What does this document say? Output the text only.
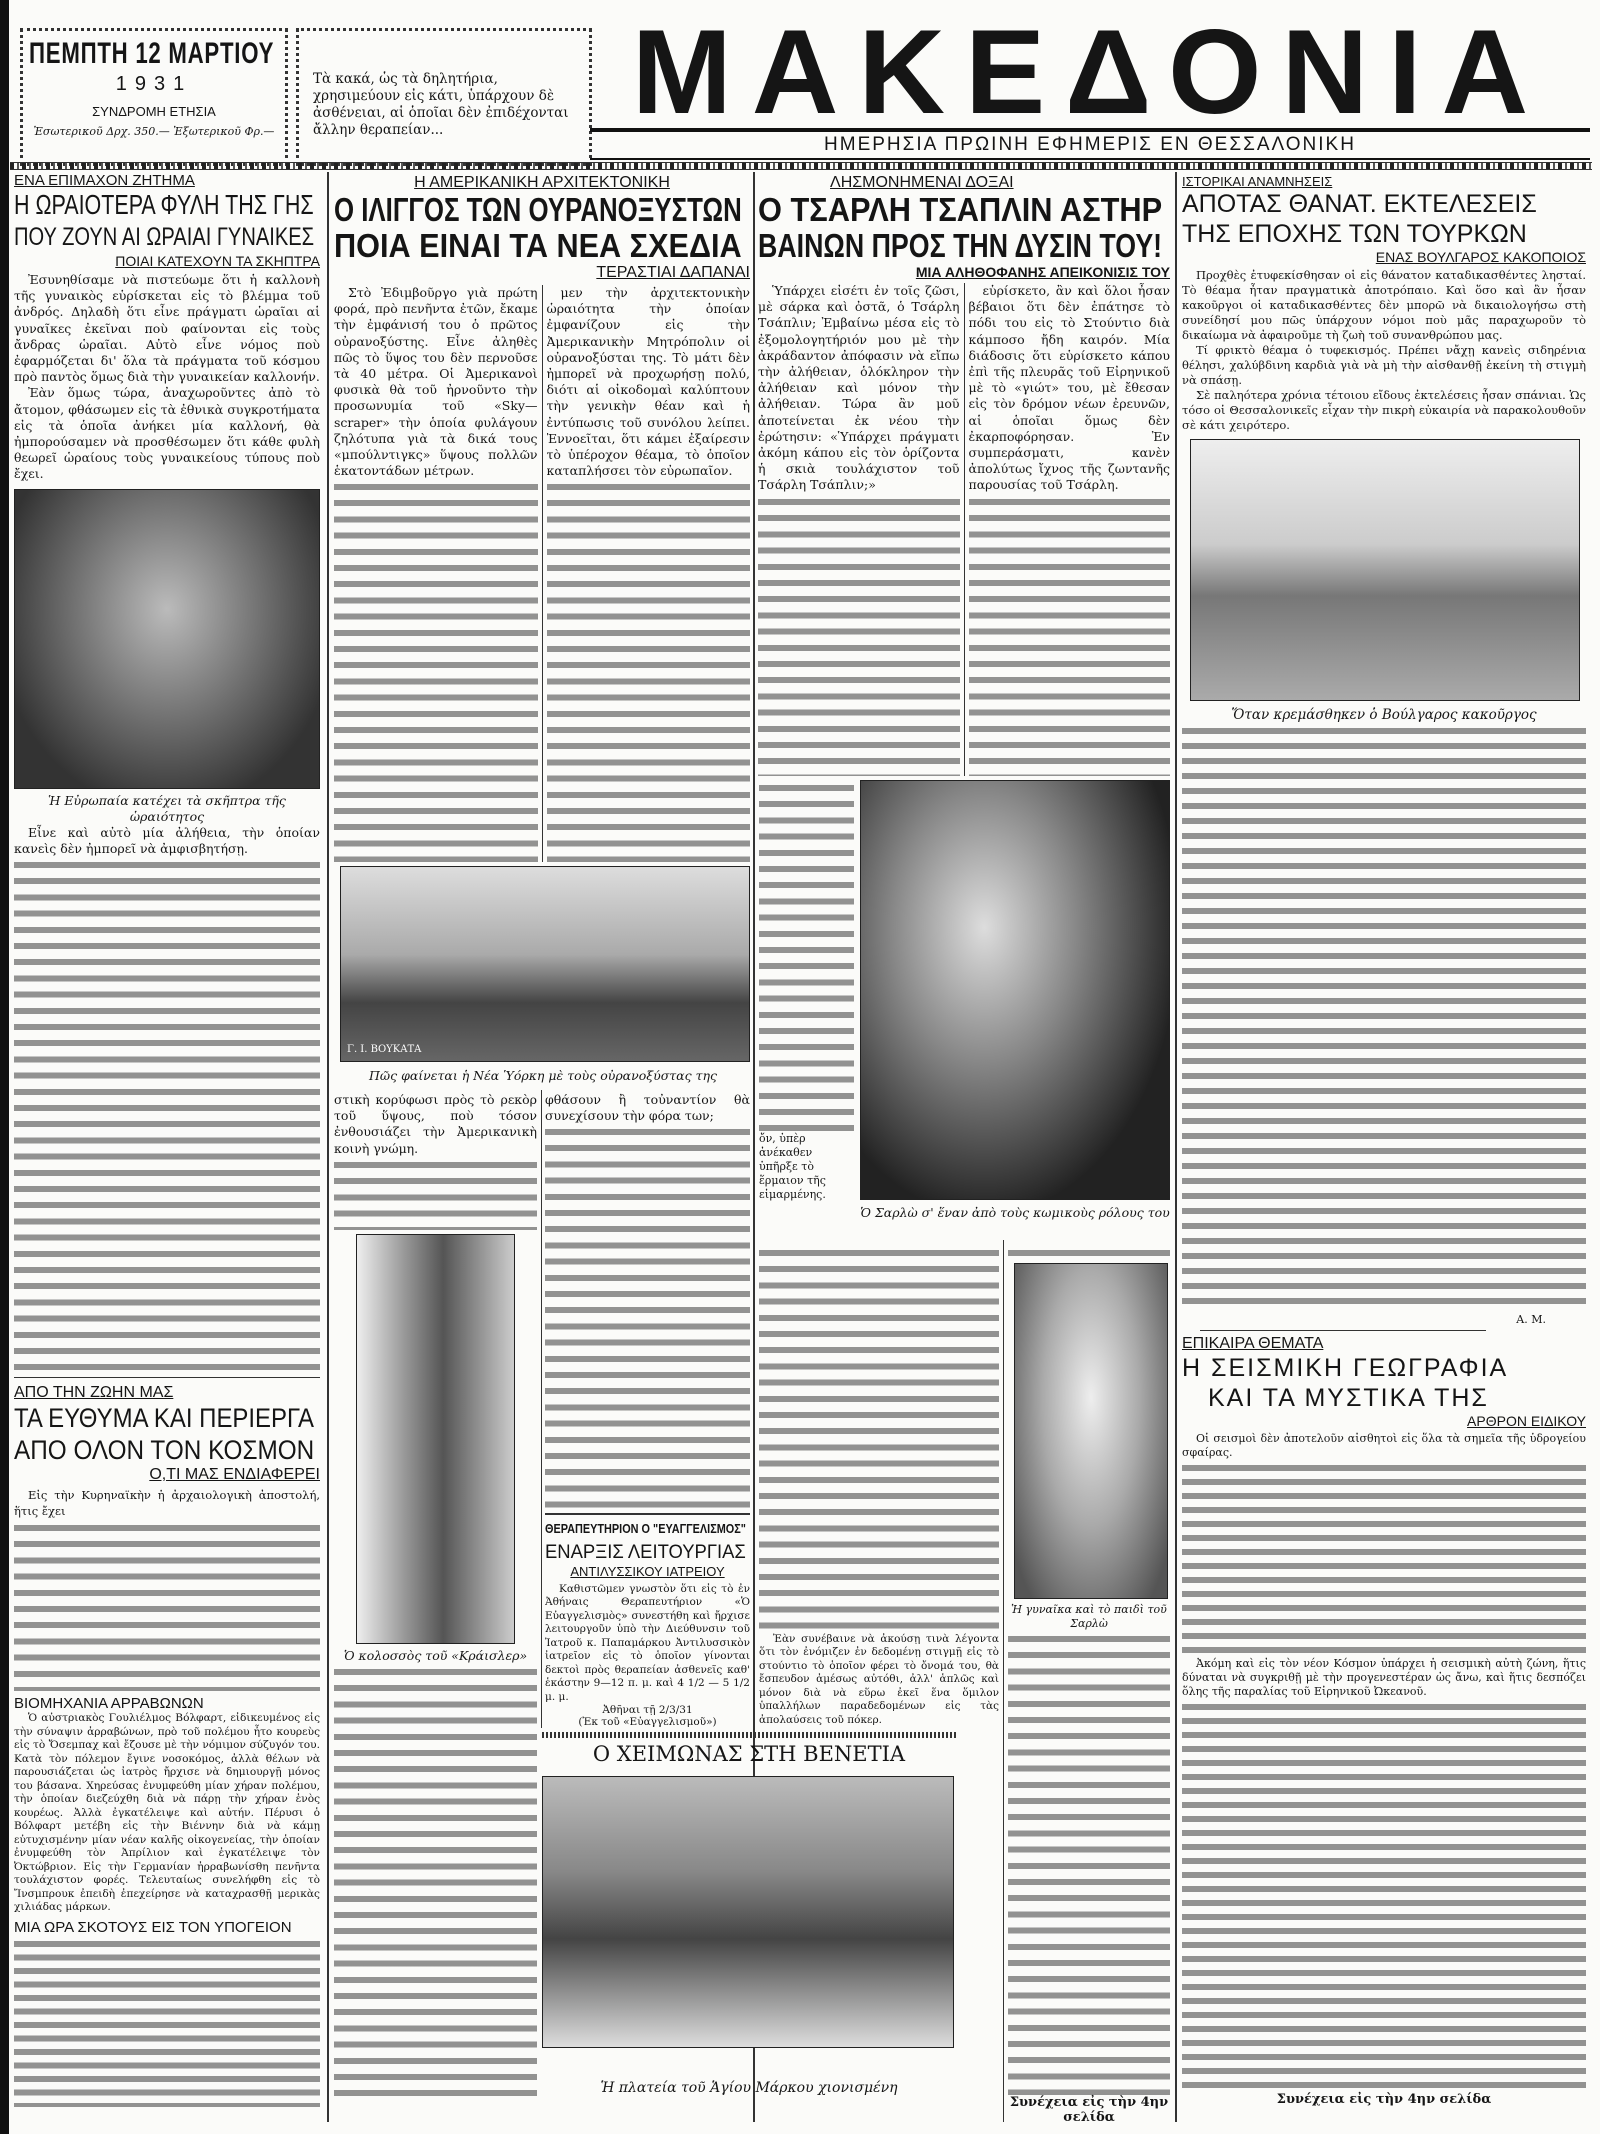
ΠΕΜΠΤΗ 12 ΜΑΡΤΙΟΥ
1931
ΣΥΝΔΡΟΜΗ ΕΤΗΣΙΑ
Ἐσωτερικοῦ Δρχ. 350.— Ἐξωτερικοῦ Φρ.—
Τὰ κακά, ὡς τὰ δηλητήρια, χρησιμεύουν εἰς κάτι, ὑπάρχουν δὲ ἀσθένειαι, αἱ ὁποῖαι δὲν ἐπιδέχονται ἄλλην θεραπείαν...	ΜΑΚΕΔΟΝΙΑ
ΗΜΕΡΗΣΙΑ ΠΡΩΙΝΗ ΕΦΗΜΕΡΙΣ ΕΝ ΘΕΣΣΑΛΟΝΙΚΗ
ΕΝΑ ΕΠΙΜΑΧΟΝ ΖΗΤΗΜΑ
Η ΩΡΑΙΟΤΕΡΑ ΦΥΛΗ ΤΗΣ ΓΗΣ
ΠΟΥ ΖΟΥΝ ΑΙ ΩΡΑΙΑΙ ΓΥΝΑΙΚΕΣ
ΠΟΙΑΙ ΚΑΤΕΧΟΥΝ ΤΑ ΣΚΗΠΤΡΑ

Ἐσυνηθίσαμε νὰ πιστεύωμε ὅτι ἡ καλλονὴ τῆς γυναικὸς εὑρίσκεται εἰς τὸ βλέμμα τοῦ ἀνδρός. Δηλαδὴ ὅτι εἶνε πράγματι ὡραῖαι αἱ γυναῖκες ἐκεῖναι ποὺ φαίνονται εἰς τοὺς ἄνδρας ὡραῖαι. Αὐτὸ εἶνε νόμος ποὺ ἐφαρμόζεται δι' ὅλα τὰ πράγματα τοῦ κόσμου πρὸ παντὸς ὅμως διὰ τὴν γυναικείαν καλλονήν.

Ἐὰν ὅμως τώρα, ἀναχωροῦντες ἀπὸ τὸ ἄτομον, φθάσωμεν εἰς τὰ ἐθνικὰ συγκροτήματα εἰς τὰ ὁποῖα ἀνήκει μία καλλονή, θὰ ἠμπορούσαμεν νὰ προσθέσωμεν ὅτι κάθε φυλὴ θεωρεῖ ὡραίους τοὺς γυναικείους τύπους ποὺ ἔχει.

Ἡ Εὐρωπαία κατέχει τὰ σκῆπτρα τῆς ὡραιότητος
Εἶνε καὶ αὐτὸ μία ἀλήθεια, τὴν ὁποίαν κανεὶς δὲν ἠμπορεῖ νὰ ἀμφισβητήσῃ.
ΑΠΟ ΤΗΝ ΖΩΗΝ ΜΑΣ
ΤΑ ΕΥΘΥΜΑ ΚΑΙ ΠΕΡΙΕΡΓΑ
ΑΠΟ ΟΛΟΝ ΤΟΝ ΚΟΣΜΟΝ
Ο,ΤΙ ΜΑΣ ΕΝΔΙΑΦΕΡΕΙ
Εἰς τὴν Κυρηναϊκὴν ἡ ἀρχαιολογικὴ ἀποστολή, ἥτις ἔχει
ΒΙΟΜΗΧΑΝΙΑ ΑΡΡΑΒΩΝΩΝ
Ὁ αὐστριακὸς Γουλιέλμος Βόλφαρτ, εἰδικευμένος εἰς τὴν σύναψιν ἀρραβώνων, πρὸ τοῦ πολέμου ἦτο κουρεὺς εἰς τὸ Ὄσεμπαχ καὶ ἔζουσε μὲ τὴν νόμιμον σύζυγόν του. Κατὰ τὸν πόλεμον ἔγινε νοσοκόμος, ἀλλὰ θέλων νὰ παρουσιάζεται ὡς ἰατρὸς ἤρχισε νὰ δημιουργῇ μόνος του βάσανα. Χηρεύσας ἐνυμφεύθη μίαν χήραν πολέμου, τὴν ὁποίαν διεζεύχθη διὰ νὰ πάρῃ τὴν χήραν ἑνὸς κουρέως. Ἀλλὰ ἐγκατέλειψε καὶ αὐτήν. Πέρυσι ὁ Βόλφαρτ μετέβη εἰς τὴν Βιέννην διὰ νὰ κάμῃ εὐτυχισμένην μίαν νέαν καλῆς οἰκογενείας, τὴν ὁποίαν ἐνυμφεύθη τὸν Ἀπρίλιον καὶ ἐγκατέλειψε τὸν Ὀκτώβριον. Εἰς τὴν Γερμανίαν ἠρραβωνίσθη πενῆντα τουλάχιστον φορές. Τελευταίως συνελήφθη εἰς τὸ Ἴνσμπρουκ ἐπειδὴ ἐπεχείρησε νὰ καταχρασθῇ μερικὰς χιλιάδας μάρκων.
ΜΙΑ ΩΡΑ ΣΚΟΤΟΥΣ ΕΙΣ ΤΟΝ ΥΠΟΓΕΙΟΝ
Η ΑΜΕΡΙΚΑΝΙΚΗ ΑΡΧΙΤΕΚΤΟΝΙΚΗ
Ο ΙΛΙΓΓΟΣ ΤΩΝ ΟΥΡΑΝΟΞΥΣΤΩΝ
ΠΟΙΑ ΕΙΝΑΙ ΤΑ ΝΕΑ ΣΧΕΔΙΑ
ΤΕΡΑΣΤΙΑΙ ΔΑΠΑΝΑΙ
Στὸ Ἐδιμβοῦργο γιὰ πρώτη φορά, πρὸ πενῆντα ἐτῶν, ἔκαμε τὴν ἐμφάνισή του ὁ πρῶτος οὐρανοξύστης. Εἶνε ἀληθὲς πῶς τὸ ὕψος του δὲν περνοῦσε τὰ 40 μέτρα. Οἱ Ἀμερικανοὶ φυσικὰ θὰ τοῦ ἠρνοῦντο τὴν προσωνυμία τοῦ «Sky—scraper» τὴν ὁποία φυλάγουν ζηλότυπα γιὰ τὰ δικά τους «μπούλντιγκς» ὕψους πολλῶν ἑκατοντάδων μέτρων.
μεν τὴν ἀρχιτεκτονικὴν ὡραιότητα τὴν ὁποίαν ἐμφανίζουν εἰς τὴν Ἀμερικανικὴν Μητρόπολιν οἱ οὐρανοξύσται της. Τὸ μάτι δὲν ἠμπορεῖ νὰ προχωρήσῃ πολύ, διότι αἱ οἰκοδομαὶ καλύπτουν τὴν γενικὴν θέαν καὶ ἡ ἐντύπωσις τοῦ συνόλου λείπει. Ἐννοεῖται, ὅτι κάμει ἐξαίρεσιν τὸ ὑπέροχον θέαμα, τὸ ὁποῖον καταπλήσσει τὸν εὐρωπαῖον.
Γ. Ι. ΒΟΥΚΑΤΑ
Πῶς φαίνεται ἡ Νέα Ὑόρκη μὲ τοὺς οὐρανοξύστας της
στικὴ κορύφωσι πρὸς τὸ ρεκὸρ τοῦ ὕψους, ποὺ τόσον ἐνθουσιάζει τὴν Ἀμερικανικὴ κοινὴ γνώμη.
Ὁ κολοσσὸς τοῦ «Κράισλερ»
φθάσουν ἢ τοὐναντίον θὰ συνεχίσουν τὴν φόρα των;
ΘΕΡΑΠΕΥΤΗΡΙΟΝ Ο "ΕΥΑΓΓΕΛΙΣΜΟΣ"
ΕΝΑΡΞΙΣ ΛΕΙΤΟΥΡΓΙΑΣ
ΑΝΤΙΛΥΣΣΙΚΟΥ ΙΑΤΡΕΙΟΥ
Καθιστῶμεν γνωστὸν ὅτι εἰς τὸ ἐν Ἀθήναις Θεραπευτήριον «Ὁ Εὐαγγελισμὸς» συνεστήθη καὶ ἤρχισε λειτουργοῦν ὑπὸ τὴν Διεύθυνσιν τοῦ Ἰατροῦ κ. Παπαμάρκου Ἀντιλυσσικὸν ἰατρεῖον εἰς τὸ ὁποῖον γίνονται δεκτοὶ πρὸς θεραπείαν ἀσθενεῖς καθ' ἑκάστην 9—12 π. μ. καὶ 4 1/2 — 5 1/2 μ. μ.
Ἀθῆναι τῇ 2/3/31
(Ἐκ τοῦ «Εὐαγγελισμοῦ»)
Ο ΧΕΙΜΩΝΑΣ ΣΤΗ ΒΕΝΕΤΙΑ
Ἡ πλατεία τοῦ Ἁγίου Μάρκου χιονισμένη
ΛΗΣΜΟΝΗΜΕΝΑΙ ΔΟΞΑΙ
Ο ΤΣΑΡΛΗ ΤΣΑΠΛΙΝ ΑΣΤΗΡ
ΒΑΙΝΩΝ ΠΡΟΣ ΤΗΝ ΔΥΣΙΝ ΤΟΥ!
ΜΙΑ ΑΛΗΘΟΦΑΝΗΣ ΑΠΕΙΚΟΝΙΣΙΣ ΤΟΥ
Ὑπάρχει εἰσέτι ἐν τοῖς ζῶσι, μὲ σάρκα καὶ ὀστᾶ, ὁ Τσάρλη Τσάπλιν; Ἐμβαίνω μέσα εἰς τὸ ἐξομολογητήριόν μου μὲ τὴν ἀκράδαντον ἀπόφασιν νὰ εἴπω τὴν ἀλήθειαν, ὁλόκληρον τὴν ἀλήθειαν καὶ μόνον τὴν ἀλήθειαν. Τώρα ἂν μοῦ ἀποτείνεται ἐκ νέου τὴν ἐρώτησιν: «Ὑπάρχει πράγματι ἀκόμη κάπου εἰς τὸν ὁρίζοντα ἡ σκιὰ τουλάχιστον τοῦ Τσάρλη Τσάπλιν;»
εὑρίσκετο, ἂν καὶ ὅλοι ἦσαν βέβαιοι ὅτι δὲν ἐπάτησε τὸ πόδι του εἰς τὸ Στούντιο διὰ κάμποσο ἤδη καιρόν. Μία διάδοσις ὅτι εὑρίσκετο κάπου ἐπὶ τῆς πλευρᾶς τοῦ Εἰρηνικοῦ μὲ τὸ «γιώτ» του, μὲ ἔθεσαν εἰς τὸν δρόμον νέων ἐρευνῶν, αἱ ὁποῖαι ὅμως δὲν ἐκαρποφόρησαν. Ἐν συμπεράσματι, κανὲν ἀπολύτως ἴχνος τῆς ζωντανῆς παρουσίας τοῦ Τσάρλη.
ὄν, ὑπὲρ ἀνέκαθεν ὑπῆρξε τὸ ἕρμαιον τῆς εἱμαρμένης.
Ὁ Σαρλὼ σ' ἕναν ἀπὸ τοὺς κωμικοὺς ρόλους του
Ἐὰν συνέβαινε νὰ ἀκούσῃ τινὰ λέγοντα ὅτι τὸν ἐνόμιζεν ἐν δεδομένῃ στιγμῇ εἰς τὸ στούντιο τὸ ὁποῖον φέρει τὸ ὄνομά του, θὰ ἔσπευδον ἀμέσως αὐτόθι, ἀλλ' ἁπλῶς καὶ μόνον διὰ νὰ εὕρω ἐκεῖ ἕνα ὅμιλον ὑπαλλήλων παραδεδομένων εἰς τὰς ἀπολαύσεις τοῦ πόκερ.
Ἡ γυναῖκα καὶ τὸ παιδὶ τοῦ Σαρλὼ
Συνέχεια εἰς τὴν 4ην σελίδα
ΙΣΤΟΡΙΚΑΙ ΑΝΑΜΝΗΣΕΙΣ
ΑΠΟΤΑΣ ΘΑΝΑΤ. ΕΚΤΕΛΕΣΕΙΣ
ΤΗΣ ΕΠΟΧΗΣ ΤΩΝ ΤΟΥΡΚΩΝ
ΕΝΑΣ ΒΟΥΛΓΑΡΟΣ ΚΑΚΟΠΟΙΟΣ

Προχθὲς ἐτυφεκίσθησαν οἱ εἰς θάνατον καταδικασθέντες λησταί. Τὸ θέαμα ἦταν πραγματικὰ ἀποτρόπαιο. Καὶ ὅσο καὶ ἂν ἦσαν κακοῦργοι οἱ καταδικασθέντες δὲν μπορῶ νὰ δικαιολογήσω στὴ συνείδησί μου πῶς ὑπάρχουν νόμοι ποὺ μᾶς παραχωροῦν τὸ δικαίωμα νὰ ἀφαιροῦμε τὴ ζωὴ τοῦ συνανθρώπου μας.

Τί φρικτὸ θέαμα ὁ τυφεκισμός. Πρέπει νἄχῃ κανεὶς σιδηρένια θέλησι, χαλύβδινη καρδιὰ γιὰ νὰ μὴ τὴν αἰσθανθῇ ἐκείνη τὴ στιγμὴ νὰ σπάσῃ.

Σὲ παληότερα χρόνια τέτοιου εἴδους ἐκτελέσεις ἦσαν σπάνιαι. Ὡς τόσο οἱ Θεσσαλονικεῖς εἶχαν τὴν πικρὴ εὐκαιρία νὰ παρακολουθοῦν σὲ κάτι χειρότερο.

Ὅταν κρεμάσθηκεν ὁ Βούλγαρος κακοῦργος
Α. Μ.
ΕΠΙΚΑΙΡΑ ΘΕΜΑΤΑ
Η ΣΕΙΣΜΙΚΗ ΓΕΩΓΡΑΦΙΑ
ΚΑΙ ΤΑ ΜΥΣΤΙΚΑ ΤΗΣ
ΑΡΘΡΟΝ ΕΙΔΙΚΟΥ
Οἱ σεισμοὶ δὲν ἀποτελοῦν αἰσθητοὶ εἰς ὅλα τὰ σημεῖα τῆς ὑδρογείου σφαίρας.
Ἀκόμη καὶ εἰς τὸν νέον Κόσμον ὑπάρχει ἡ σεισμικὴ αὐτὴ ζώνη, ἥτις δύναται νὰ συγκριθῇ μὲ τὴν προγενεστέραν ὡς ἄνω, καὶ ἥτις δεσπόζει ὅλης τῆς παραλίας τοῦ Εἰρηνικοῦ Ὠκεανοῦ.
Συνέχεια εἰς τὴν 4ην σελίδα
